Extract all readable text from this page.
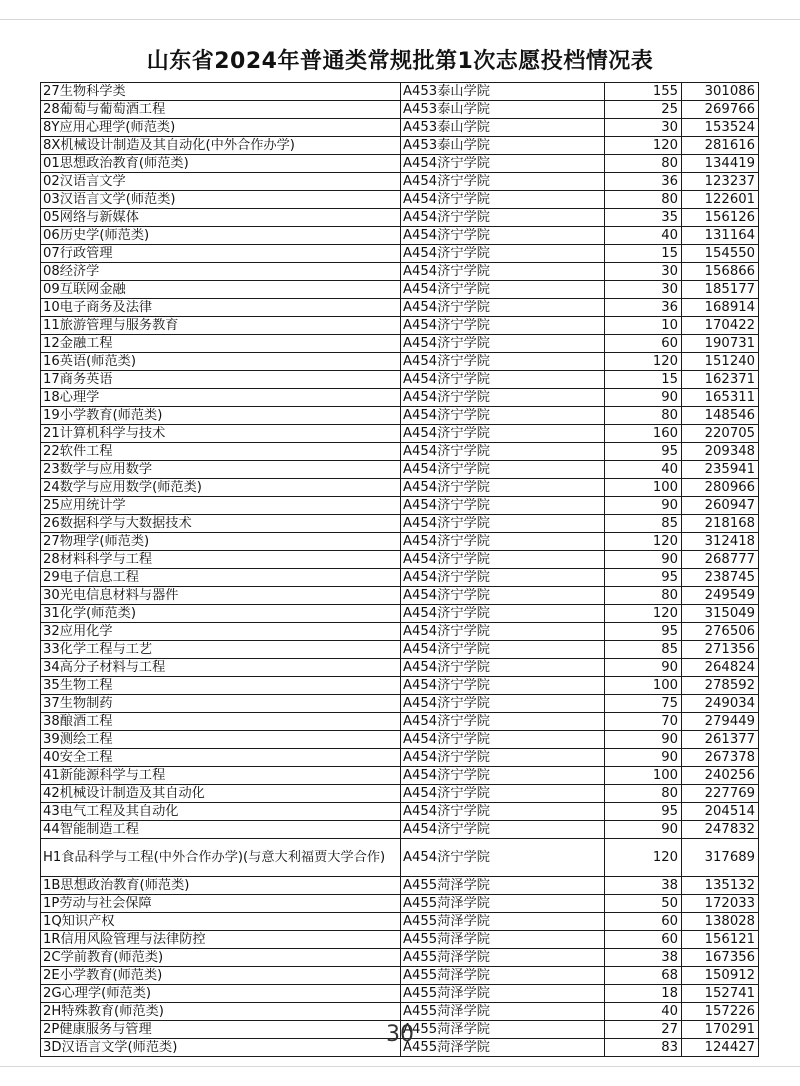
山东省2024年普通类常规批第1次志愿投档情况表
27生物科学类	A453泰山学院	155	301086
28葡萄与葡萄酒工程	A453泰山学院	25	269766
8Y应用心理学(师范类)	A453泰山学院	30	153524
8X机械设计制造及其自动化(中外合作办学)	A453泰山学院	120	281616
01思想政治教育(师范类)	A454济宁学院	80	134419
02汉语言文学	A454济宁学院	36	123237
03汉语言文学(师范类)	A454济宁学院	80	122601
05网络与新媒体	A454济宁学院	35	156126
06历史学(师范类)	A454济宁学院	40	131164
07行政管理	A454济宁学院	15	154550
08经济学	A454济宁学院	30	156866
09互联网金融	A454济宁学院	30	185177
10电子商务及法律	A454济宁学院	36	168914
11旅游管理与服务教育	A454济宁学院	10	170422
12金融工程	A454济宁学院	60	190731
16英语(师范类)	A454济宁学院	120	151240
17商务英语	A454济宁学院	15	162371
18心理学	A454济宁学院	90	165311
19小学教育(师范类)	A454济宁学院	80	148546
21计算机科学与技术	A454济宁学院	160	220705
22软件工程	A454济宁学院	95	209348
23数学与应用数学	A454济宁学院	40	235941
24数学与应用数学(师范类)	A454济宁学院	100	280966
25应用统计学	A454济宁学院	90	260947
26数据科学与大数据技术	A454济宁学院	85	218168
27物理学(师范类)	A454济宁学院	120	312418
28材料科学与工程	A454济宁学院	90	268777
29电子信息工程	A454济宁学院	95	238745
30光电信息材料与器件	A454济宁学院	80	249549
31化学(师范类)	A454济宁学院	120	315049
32应用化学	A454济宁学院	95	276506
33化学工程与工艺	A454济宁学院	85	271356
34高分子材料与工程	A454济宁学院	90	264824
35生物工程	A454济宁学院	100	278592
37生物制药	A454济宁学院	75	249034
38酿酒工程	A454济宁学院	70	279449
39测绘工程	A454济宁学院	90	261377
40安全工程	A454济宁学院	90	267378
41新能源科学与工程	A454济宁学院	100	240256
42机械设计制造及其自动化	A454济宁学院	80	227769
43电气工程及其自动化	A454济宁学院	95	204514
44智能制造工程	A454济宁学院	90	247832
H1食品科学与工程(中外合作办学)(与意大利福贾大学合作)	A454济宁学院	120	317689
1B思想政治教育(师范类)	A455菏泽学院	38	135132
1P劳动与社会保障	A455菏泽学院	50	172033
1Q知识产权	A455菏泽学院	60	138028
1R信用风险管理与法律防控	A455菏泽学院	60	156121
2C学前教育(师范类)	A455菏泽学院	38	167356
2E小学教育(师范类)	A455菏泽学院	68	150912
2G心理学(师范类)	A455菏泽学院	18	152741
2H特殊教育(师范类)	A455菏泽学院	40	157226
2P健康服务与管理	A455菏泽学院	27	170291
3D汉语言文学(师范类)	A455菏泽学院	83	124427
30
